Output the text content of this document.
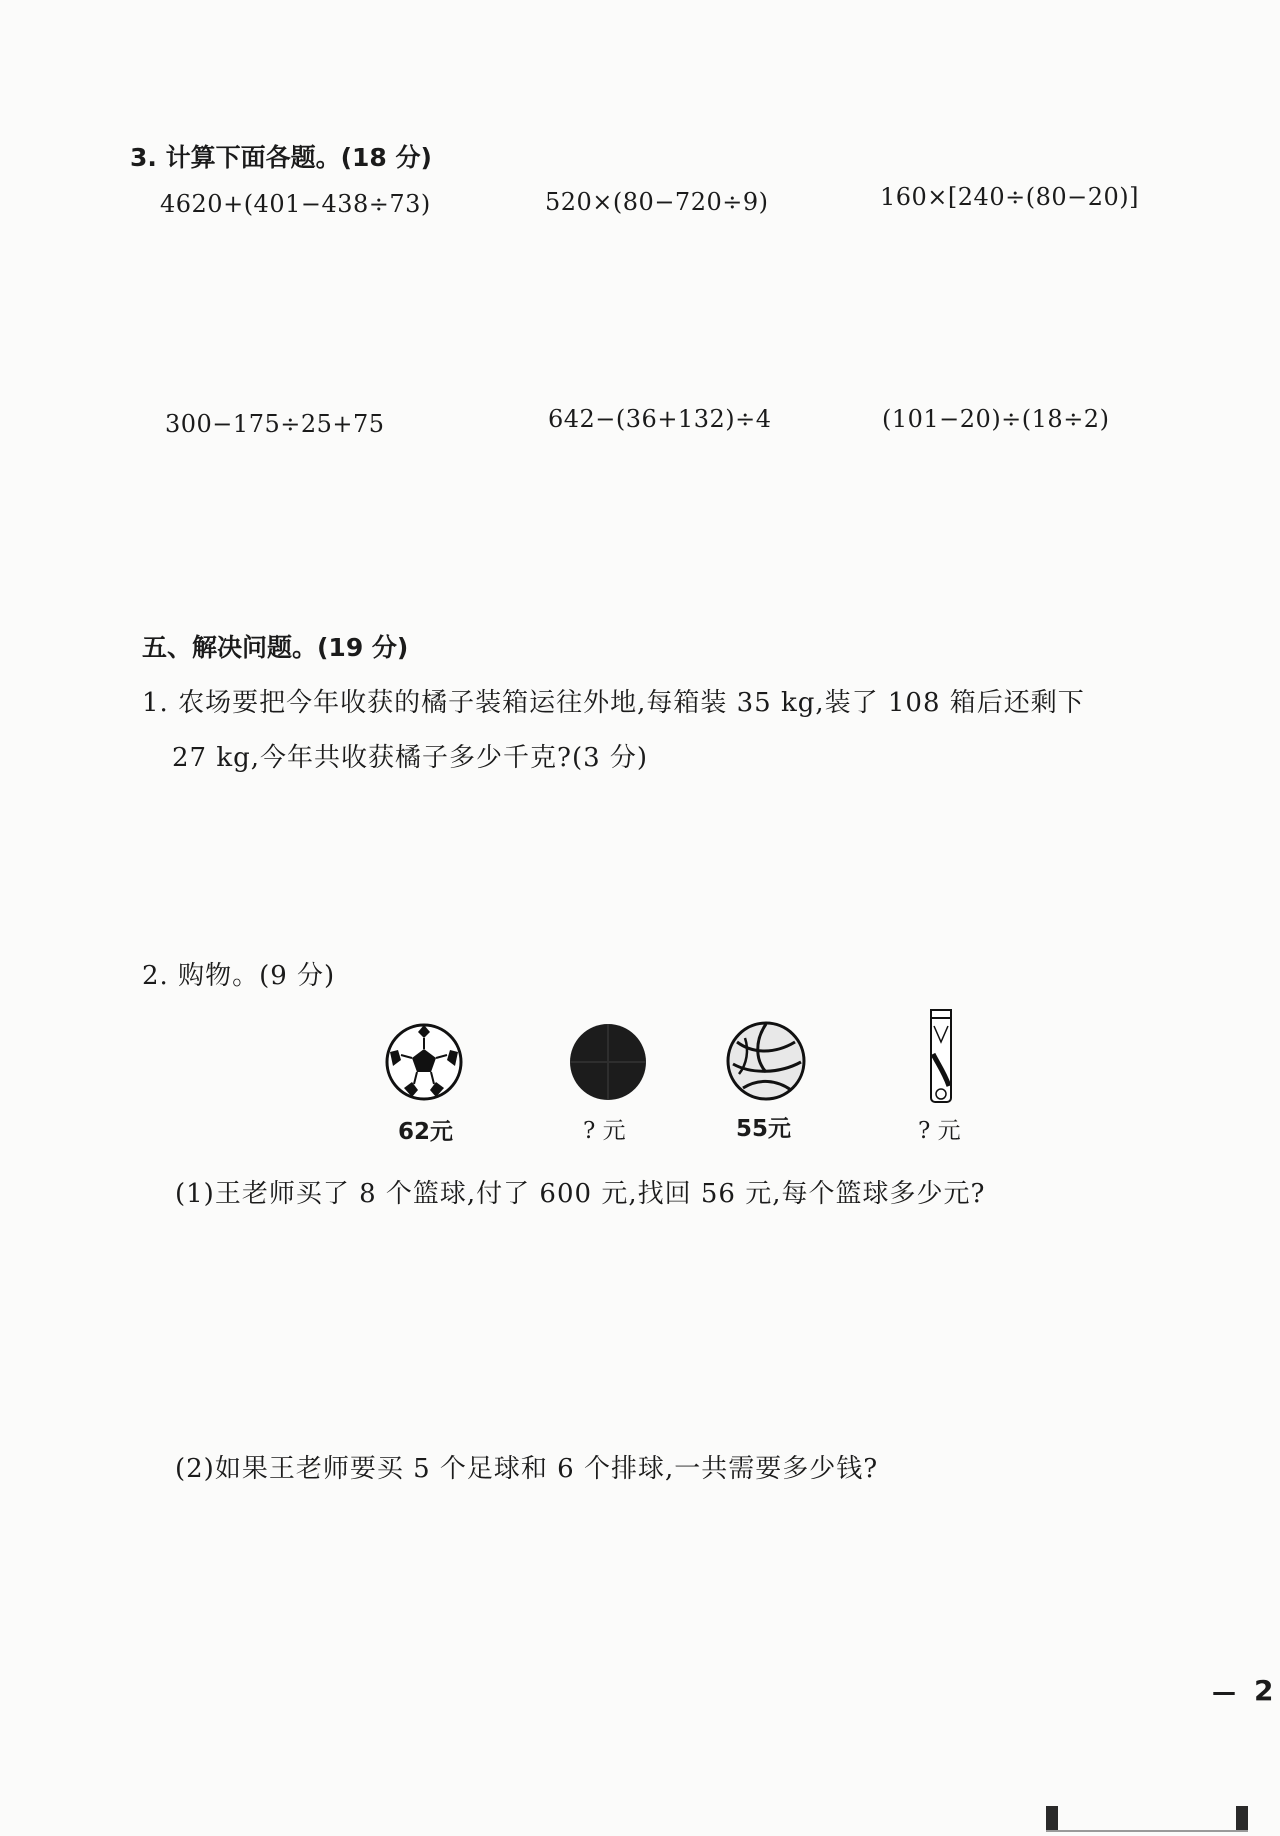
3. 计算下面各题。(18 分)
4620+(401−438÷73)	520×(80−720÷9)	160×[240÷(80−20)]
300−175÷25+75	642−(36+132)÷4	(101−20)÷(18÷2)
五、解决问题。(19 分)
1. 农场要把今年收获的橘子装箱运往外地,每箱装 35 kg,装了 108 箱后还剩下
27 kg,今年共收获橘子多少千克?(3 分)
2. 购物。(9 分)
62元	? 元	55元	? 元
(1)王老师买了 8 个篮球,付了 600 元,找回 56 元,每个篮球多少元?
(2)如果王老师要买 5 个足球和 6 个排球,一共需要多少钱?
— 2
